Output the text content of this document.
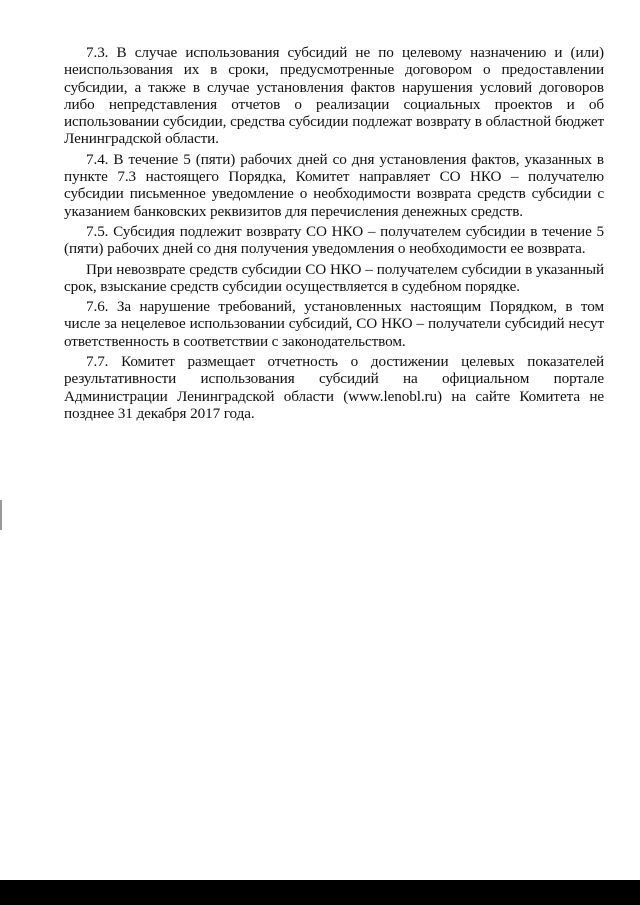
7.3. В случае использования субсидий не по целевому назначению и (или) неиспользования их в сроки, предусмотренные договором о предоставлении субсидии, а также в случае установления фактов нарушения условий договоров либо непредставления отчетов о реализации социальных проектов и об использовании субсидии, средства субсидии подлежат возврату в областной бюджет Ленинградской области.

7.4. В течение 5 (пяти) рабочих дней со дня установления фактов, указанных в пункте 7.3 настоящего Порядка, Комитет направляет СО НКО – получателю субсидии письменное уведомление о необходимости возврата средств субсидии с указанием банковских реквизитов для перечисления денежных средств.

7.5. Субсидия подлежит возврату СО НКО – получателем субсидии в течение 5 (пяти) рабочих дней со дня получения уведомления о необходимости ее возврата.

При невозврате средств субсидии СО НКО – получателем субсидии в указанный срок, взыскание средств субсидии осуществляется в судебном порядке.

7.6. За нарушение требований, установленных настоящим Порядком, в том числе за нецелевое использовании субсидий, СО НКО – получатели субсидий несут ответственность в соответствии с законодательством.

7.7. Комитет размещает отчетность о достижении целевых показателей результативности использования субсидий на официальном портале Администрации Ленинградской области (www.lenobl.ru) на сайте Комитета не позднее 31 декабря 2017 года.
